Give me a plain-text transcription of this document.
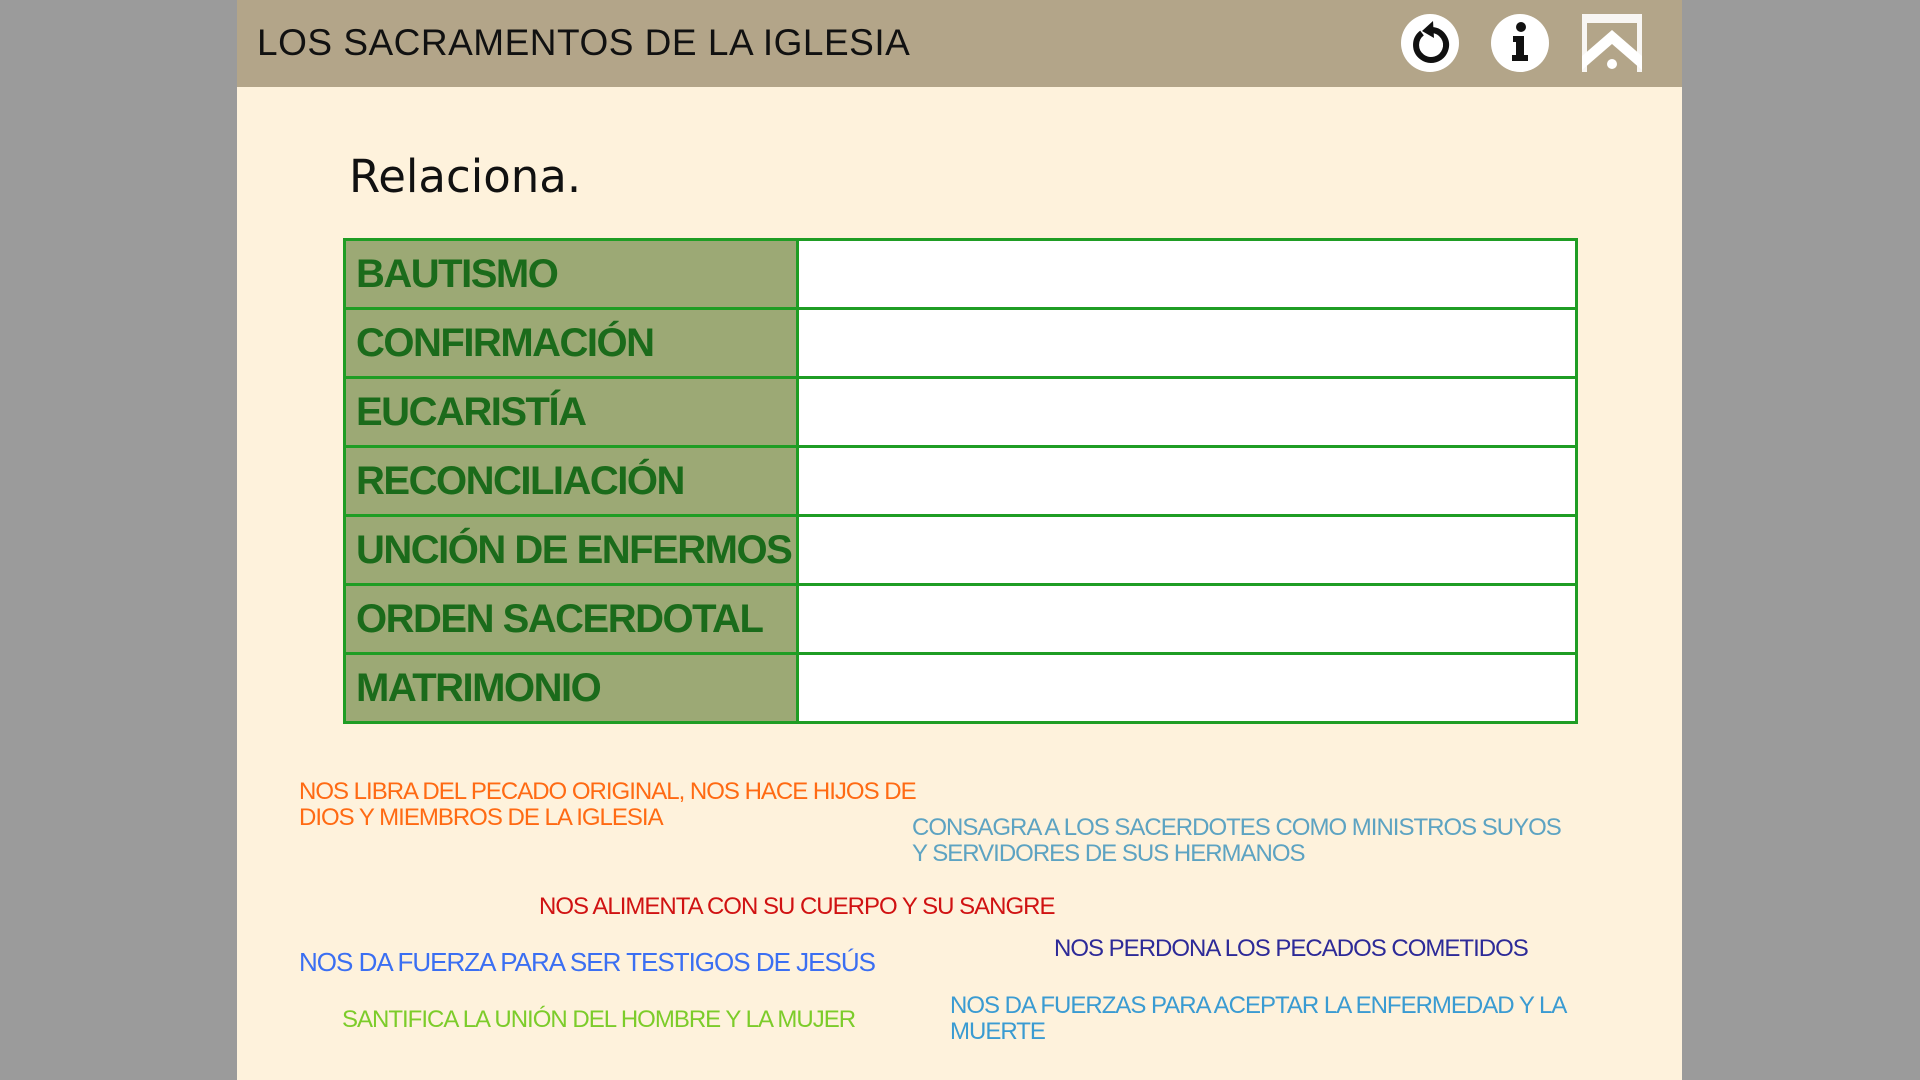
LOS SACRAMENTOS DE LA IGLESIA
Relaciona.
BAUTISMO	
CONFIRMACIÓN	
EUCARISTÍA	
RECONCILIACIÓN	
UNCIÓN DE ENFERMOS	
ORDEN SACERDOTAL	
MATRIMONIO	
NOS LIBRA DEL PECADO ORIGINAL, NOS HACE HIJOS DE
DIOS Y MIEMBROS DE LA IGLESIA	CONSAGRA A LOS SACERDOTES COMO MINISTROS SUYOS
Y SERVIDORES DE SUS HERMANOS
NOS ALIMENTA CON SU CUERPO Y SU SANGRE
NOS DA FUERZA PARA SER TESTIGOS DE JESÚS	NOS PERDONA LOS PECADOS COMETIDOS
SANTIFICA LA UNIÓN DEL HOMBRE Y LA MUJER
NOS DA FUERZAS PARA ACEPTAR LA ENFERMEDAD Y LA
MUERTE
